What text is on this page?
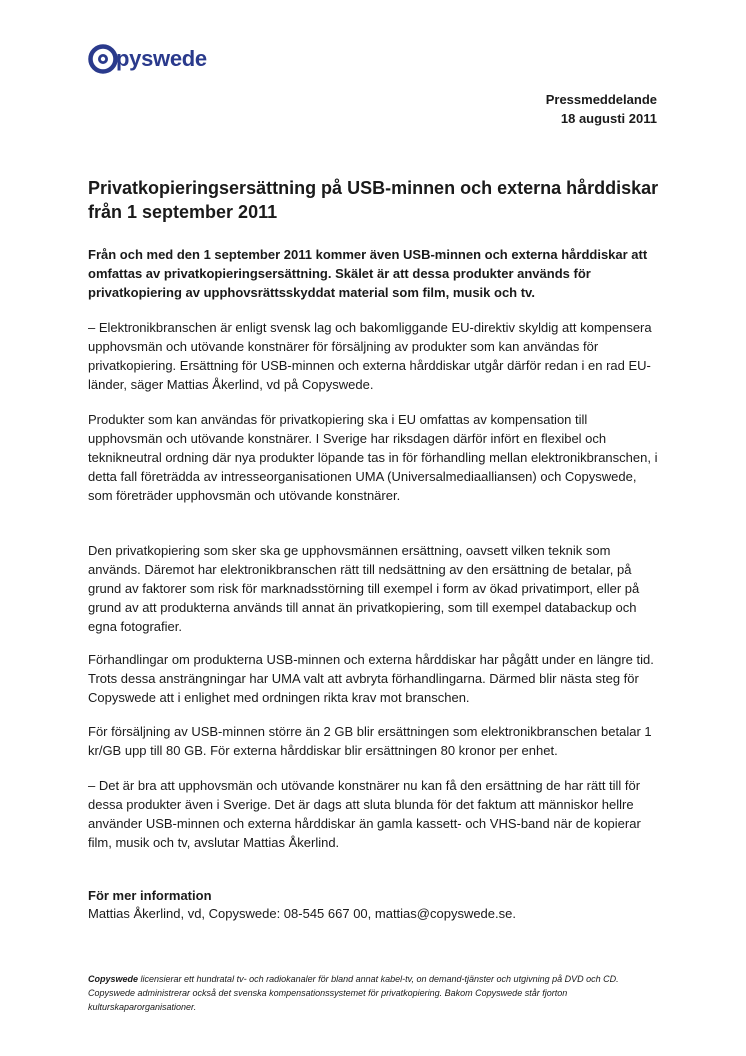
pyswede
Pressmeddelande
18 augusti 2011
Privatkopieringsersättning på USB-minnen och externa hårddiskar från 1 september 2011

Från och med den 1 september 2011 kommer även USB-minnen och externa hårddiskar att omfattas av privatkopieringsersättning. Skälet är att dessa produkter används för privatkopiering av upphovsrättsskyddat material som film, musik och tv.

– Elektronikbranschen är enligt svensk lag och bakomliggande EU-direktiv skyldig att kompensera upphovsmän och utövande konstnärer för försäljning av produkter som kan användas för privatkopiering. Ersättning för USB-minnen och externa hårddiskar utgår därför redan i en rad EU-länder, säger Mattias Åkerlind, vd på Copyswede.

Produkter som kan användas för privatkopiering ska i EU omfattas av kompensation till upphovsmän och utövande konstnärer. I Sverige har riksdagen därför infört en flexibel och teknikneutral ordning där nya produkter löpande tas in för förhandling mellan elektronikbranschen, i detta fall företrädda av intresseorganisationen UMA (Universalmediaalliansen) och Copyswede, som företräder upphovsmän och utövande konstnärer.

Den privatkopiering som sker ska ge upphovsmännen ersättning, oavsett vilken teknik som används. Däremot har elektronikbranschen rätt till nedsättning av den ersättning de betalar, på grund av faktorer som risk för marknadsstörning till exempel i form av ökad privatimport, eller på grund av att produkterna används till annat än privatkopiering, som till exempel databackup och egna fotografier.

Förhandlingar om produkterna USB-minnen och externa hårddiskar har pågått under en längre tid. Trots dessa ansträngningar har UMA valt att avbryta förhandlingarna. Därmed blir nästa steg för Copyswede att i enlighet med ordningen rikta krav mot branschen.

För försäljning av USB-minnen större än 2 GB blir ersättningen som elektronikbranschen betalar 1 kr/GB upp till 80 GB. För externa hårddiskar blir ersättningen 80 kronor per enhet.

– Det är bra att upphovsmän och utövande konstnärer nu kan få den ersättning de har rätt till för dessa produkter även i Sverige. Det är dags att sluta blunda för det faktum att människor hellre använder USB-minnen och externa hårddiskar än gamla kassett- och VHS-band när de kopierar film, musik och tv, avslutar Mattias Åkerlind.

För mer information
Mattias Åkerlind, vd, Copyswede: 08-545 667 00, mattias@copyswede.se.

Copyswede licensierar ett hundratal tv- och radiokanaler för bland annat kabel-tv, on demand-tjänster och utgivning på DVD och CD. Copyswede administrerar också det svenska kompensationssystemet för privatkopiering. Bakom Copyswede står fjorton kulturskaparorganisationer.
